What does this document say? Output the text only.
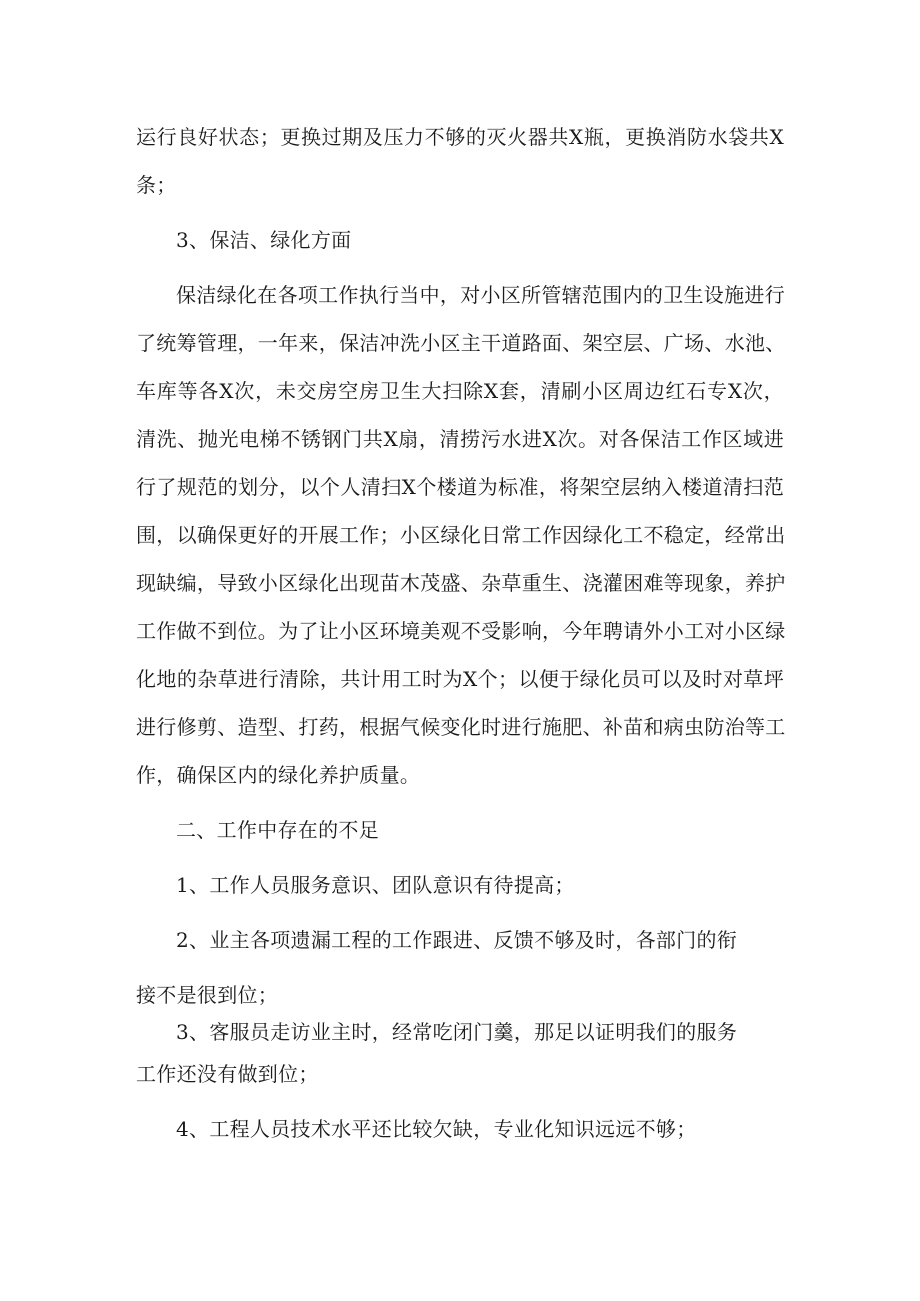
运行良好状态；更换过期及压力不够的灭火器共X瓶，更换消防水袋共X
条；
3、保洁、绿化方面
保洁绿化在各项工作执行当中，对小区所管辖范围内的卫生设施进行
了统筹管理，一年来，保洁冲洗小区主干道路面、架空层、广场、水池、
车库等各X次，未交房空房卫生大扫除X套，清刷小区周边红石专X次，
清洗、抛光电梯不锈钢门共X扇，清捞污水进X次。对各保洁工作区域进
行了规范的划分，以个人清扫X个楼道为标准，将架空层纳入楼道清扫范
围，以确保更好的开展工作；小区绿化日常工作因绿化工不稳定，经常出
现缺编，导致小区绿化出现苗木茂盛、杂草重生、浇灌困难等现象，养护
工作做不到位。为了让小区环境美观不受影响，今年聘请外小工对小区绿
化地的杂草进行清除，共计用工时为X个；以便于绿化员可以及时对草坪
进行修剪、造型、打药，根据气候变化时进行施肥、补苗和病虫防治等工
作，确保区内的绿化养护质量。
二、工作中存在的不足
1、工作人员服务意识、团队意识有待提高；
2、业主各项遗漏工程的工作跟进、反馈不够及时，各部门的衔
接不是很到位；
3、客服员走访业主时，经常吃闭门羹，那足以证明我们的服务
工作还没有做到位；
4、工程人员技术水平还比较欠缺，专业化知识远远不够；
